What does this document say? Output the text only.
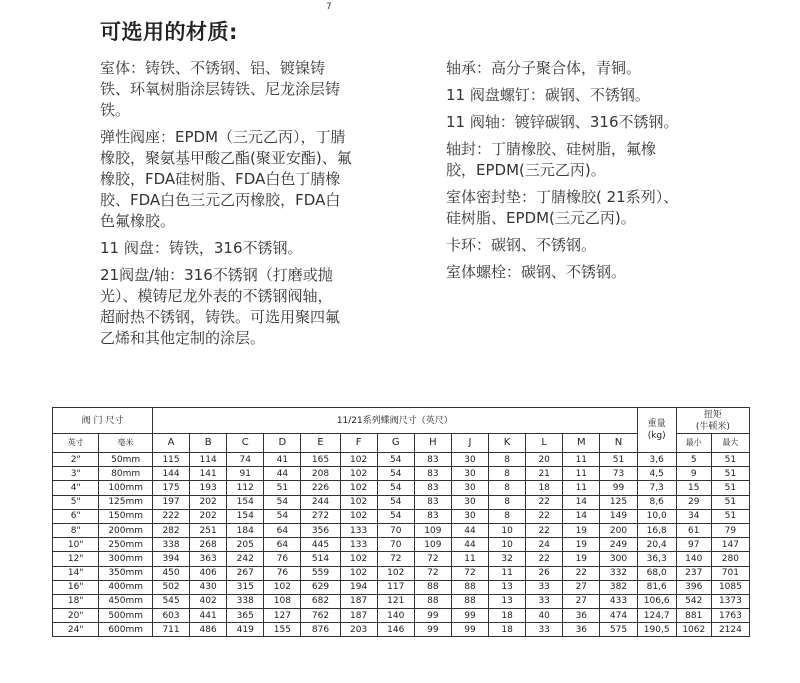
7
可选用的材质:
室体：铸铁、不锈钢、铝、镀镍铸
铁、环氧树脂涂层铸铁、尼龙涂层铸
铁。
弹性阀座：EPDM（三元乙丙），丁腈
橡胶，聚氨基甲酸乙酯(聚亚安酯)、氟
橡胶，FDA硅树脂、FDA白色丁腈橡
胶、FDA白色三元乙丙橡胶，FDA白
色氟橡胶。
11 阀盘：铸铁，316不锈钢。
21阀盘/轴：316不锈钢（打磨或抛
光）、模铸尼龙外表的不锈钢阀轴，
超耐热不锈钢，铸铁。可选用聚四氟
乙烯和其他定制的涂层。
轴承：高分子聚合体，青铜。
11 阀盘螺钉：碳钢、不锈钢。
11 阀轴：镀锌碳钢、316不锈钢。
轴封：丁腈橡胶、硅树脂，氟橡
胶，EPDM(三元乙丙)。
室体密封垫：丁腈橡胶( 21系列）、
硅树脂、EPDM(三元乙丙)。
卡环：碳钢、不锈钢。
室体螺栓：碳钢、不锈钢。
阀 门 尺寸		11/21系列蝶阀尺寸（英尺）													重量
(kg)	扭矩
(牛顿米)	
英寸	毫米	A	B	C	D	E	F	G	H	J	K	L	M	N		最小	最大
2"	50mm	115	114	74	41	165	102	54	83	30	8	20	11	51	3,6	5	51
3"	80mm	144	141	91	44	208	102	54	83	30	8	21	11	73	4,5	9	51
4"	100mm	175	193	112	51	226	102	54	83	30	8	18	11	99	7,3	15	51
5"	125mm	197	202	154	54	244	102	54	83	30	8	22	14	125	8,6	29	51
6"	150mm	222	202	154	54	272	102	54	83	30	8	22	14	149	10,0	34	51
8"	200mm	282	251	184	64	356	133	70	109	44	10	22	19	200	16,8	61	79
10"	250mm	338	268	205	64	445	133	70	109	44	10	24	19	249	20,4	97	147
12"	300mm	394	363	242	76	514	102	72	72	11	32	22	19	300	36,3	140	280
14"	350mm	450	406	267	76	559	102	102	72	72	11	26	22	332	68,0	237	701
16"	400mm	502	430	315	102	629	194	117	88	88	13	33	27	382	81,6	396	1085
18"	450mm	545	402	338	108	682	187	121	88	88	13	33	27	433	106,6	542	1373
20"	500mm	603	441	365	127	762	187	140	99	99	18	40	36	474	124,7	881	1763
24"	600mm	711	486	419	155	876	203	146	99	99	18	33	36	575	190,5	1062	2124
